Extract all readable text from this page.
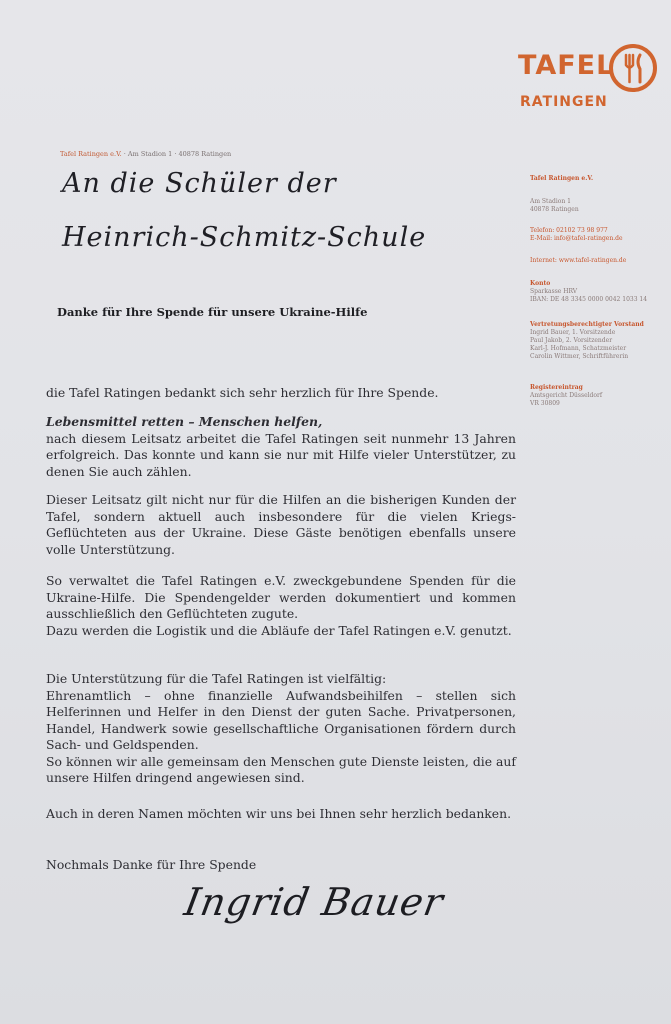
TAFEL
RATINGEN
Tafel Ratingen e.V. · Am Stadion 1 · 40878 Ratingen
An die Schüler der
Heinrich-Schmitz-Schule
Tafel Ratingen e.V.
Am Stadion 1
40878 Ratingen
Telefon: 02102 73 98 977
E-Mail: info@tafel-ratingen.de
Internet: www.tafel-ratingen.de
Konto
Sparkasse HRV
IBAN: DE 48 3345 0000 0042 1033 14
Vertretungsberechtigter Vorstand
Ingrid Bauer, 1. Vorsitzende
Paul Jakob, 2. Vorsitzender
Karl-J. Hofmann, Schatzmeister
Carolin Wittmer, Schriftführerin
Registereintrag
Amtsgericht Düsseldorf
VR 30809
Danke für Ihre Spende für unsere Ukraine-Hilfe

die Tafel Ratingen bedankt sich sehr herzlich für Ihre Spende.

Lebensmittel retten – Menschen helfen,

nach diesem Leitsatz arbeitet die Tafel Ratingen seit nunmehr 13 Jahren erfolgreich. Das konnte und kann sie nur mit Hilfe vieler Unterstützer, zu denen Sie auch zählen.

Dieser Leitsatz gilt nicht nur für die Hilfen an die bisherigen Kunden der Tafel, sondern aktuell auch insbesondere für die vielen Kriegs-Geflüchteten aus der Ukraine. Diese Gäste benötigen ebenfalls unsere volle Unterstützung.

So verwaltet die Tafel Ratingen e.V. zweckgebundene Spenden für die Ukraine-Hilfe. Die Spendengelder werden dokumentiert und kommen ausschließlich den Geflüchteten zugute.

Dazu werden die Logistik und die Abläufe der Tafel Ratingen e.V. genutzt.

Die Unterstützung für die Tafel Ratingen ist vielfältig:

Ehrenamtlich – ohne finanzielle Aufwandsbeihilfen – stellen sich Helferinnen und Helfer in den Dienst der guten Sache. Privatpersonen, Handel, Handwerk sowie gesellschaftliche Organisationen fördern durch Sach- und Geldspenden.

So können wir alle gemeinsam den Menschen gute Dienste leisten, die auf unsere Hilfen dringend angewiesen sind.

Auch in deren Namen möchten wir uns bei Ihnen sehr herzlich bedanken.

Nochmals Danke für Ihre Spende

Ingrid Bauer
